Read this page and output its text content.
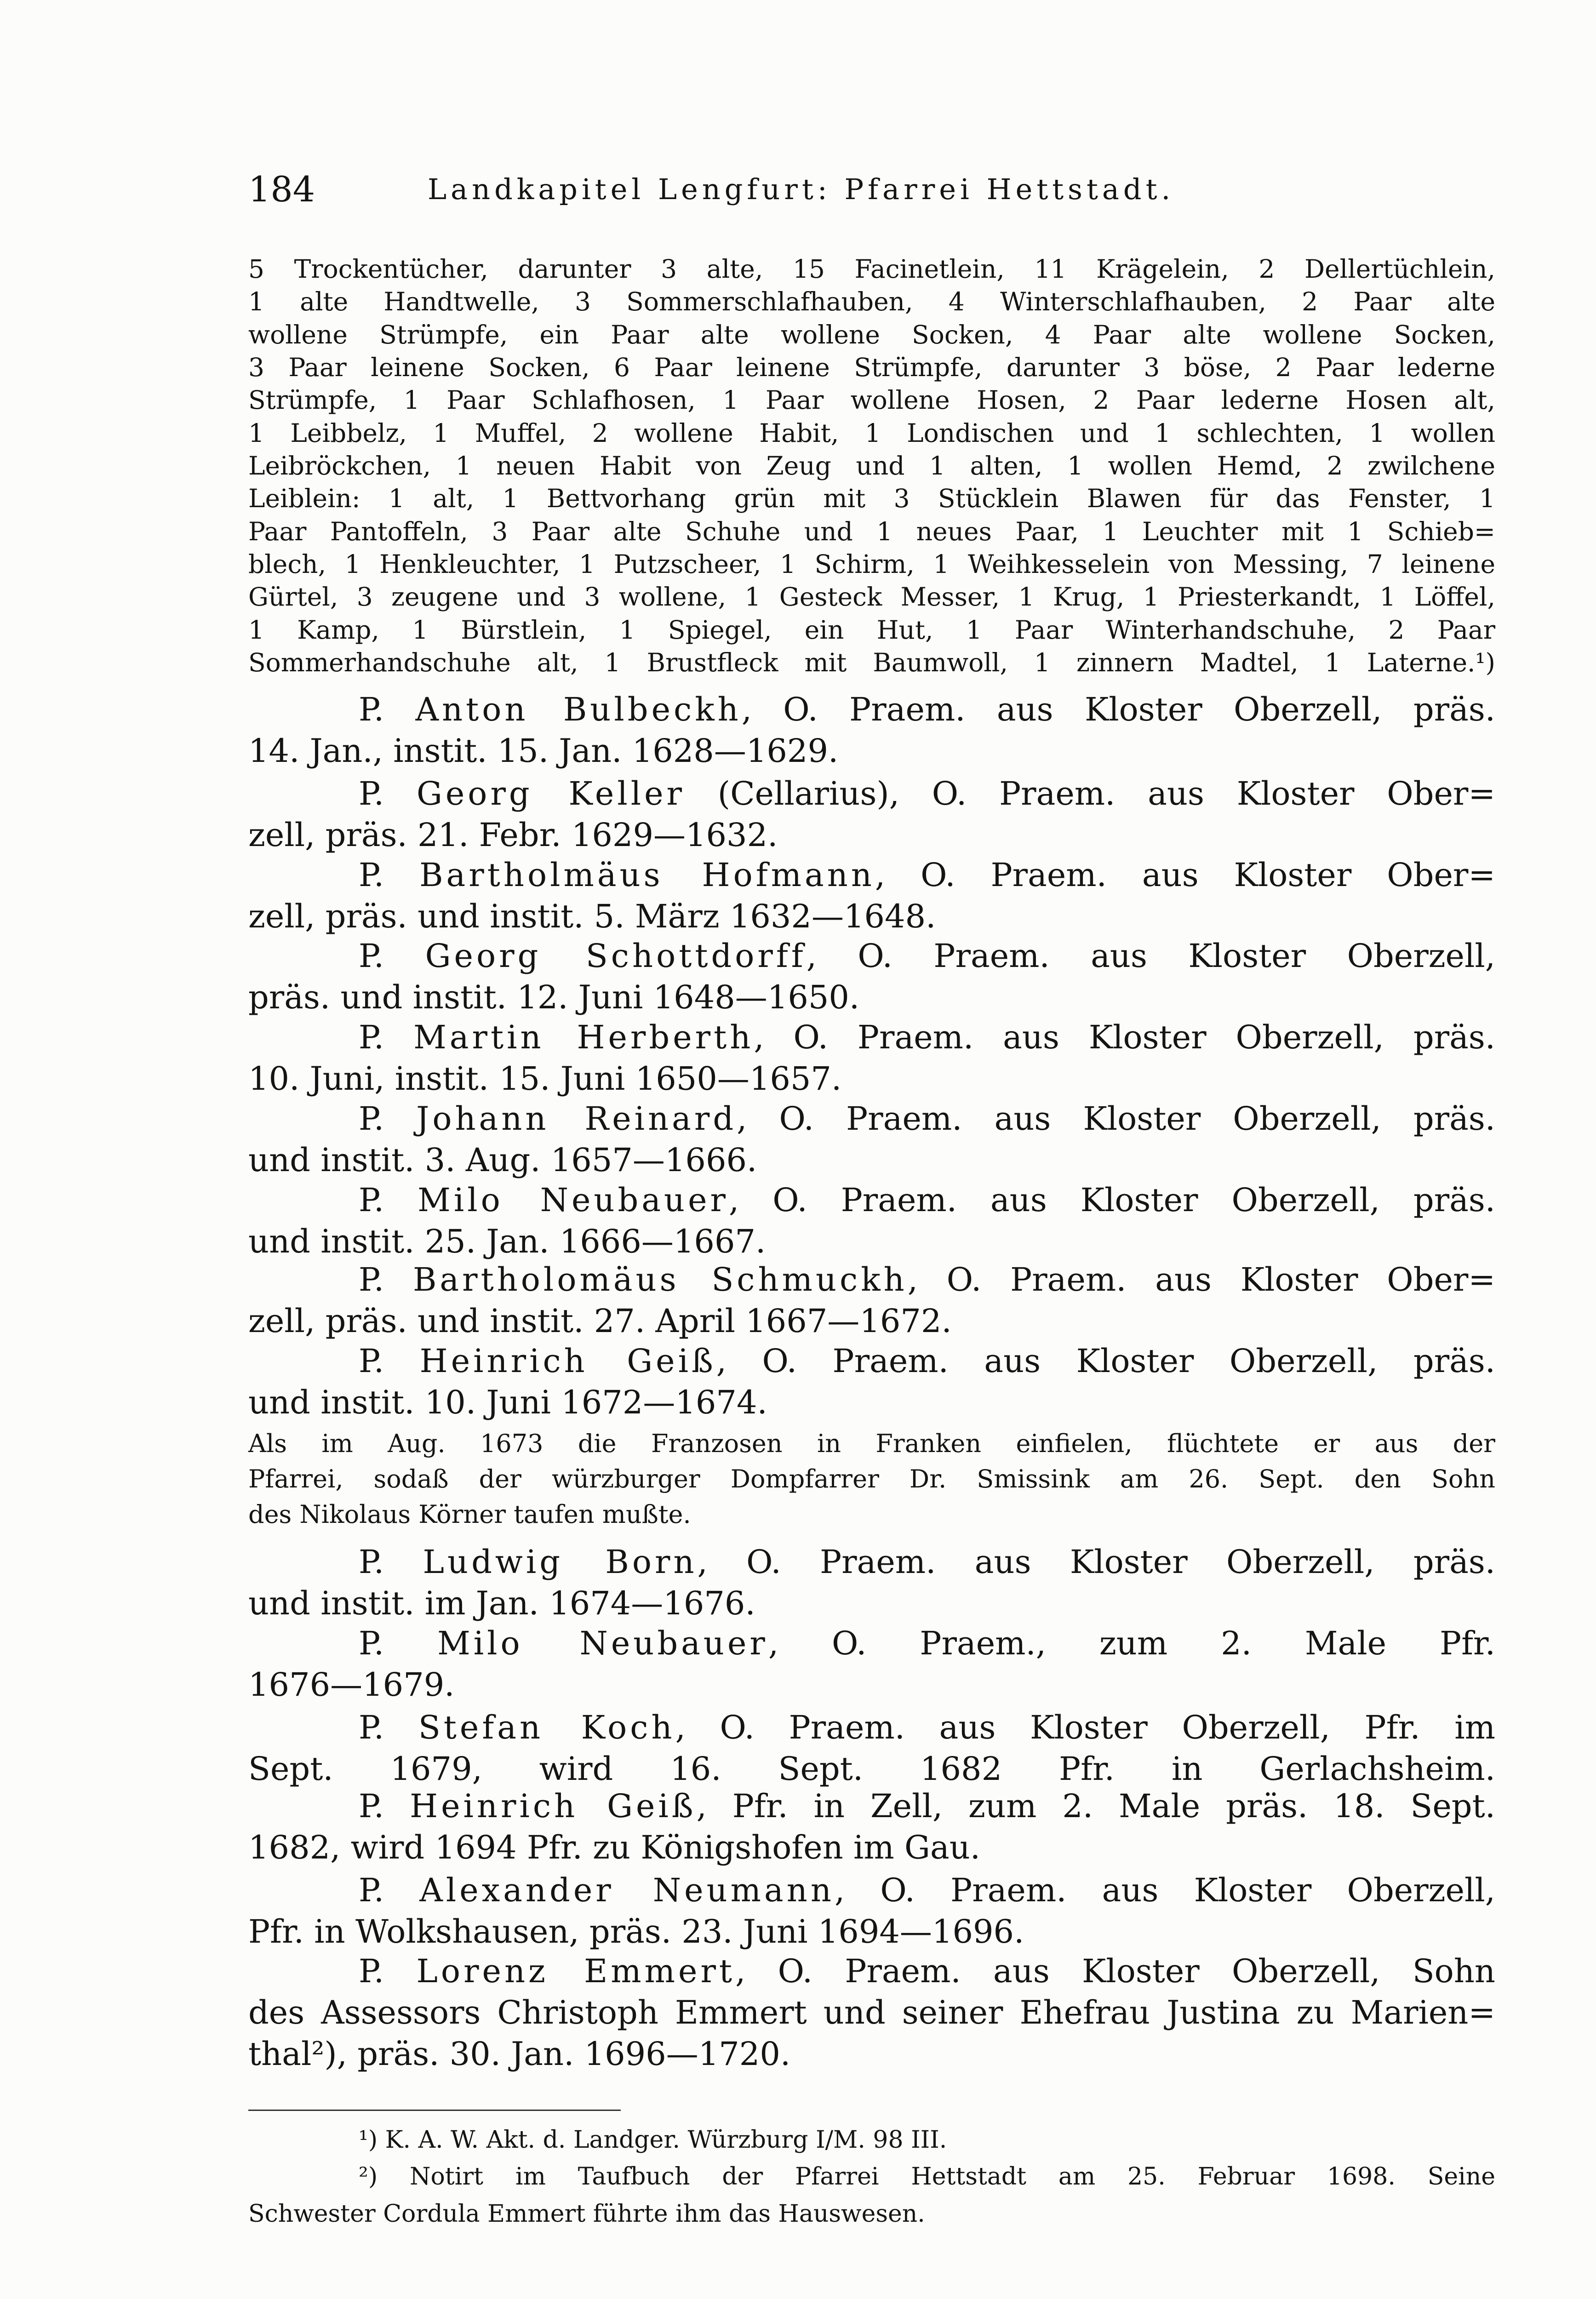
184	Landkapitel Lengfurt: Pfarrei Hettstadt.
5 Trockentücher, darunter 3 alte, 15 Facinetlein, 11 Krägelein, 2 Dellertüchlein,
1 alte Handtwelle, 3 Sommerschlafhauben, 4 Winterschlafhauben, 2 Paar alte
wollene Strümpfe, ein Paar alte wollene Socken, 4 Paar alte wollene Socken,
3 Paar leinene Socken, 6 Paar leinene Strümpfe, darunter 3 böse, 2 Paar lederne
Strümpfe, 1 Paar Schlafhosen, 1 Paar wollene Hosen, 2 Paar lederne Hosen alt,
1 Leibbelz, 1 Muffel, 2 wollene Habit, 1 Londischen und 1 schlechten, 1 wollen
Leibröckchen, 1 neuen Habit von Zeug und 1 alten, 1 wollen Hemd, 2 zwilchene
Leiblein: 1 alt, 1 Bettvorhang grün mit 3 Stücklein Blawen für das Fenster, 1
Paar Pantoffeln, 3 Paar alte Schuhe und 1 neues Paar, 1 Leuchter mit 1 Schieb=
blech, 1 Henkleuchter, 1 Putzscheer, 1 Schirm, 1 Weihkesselein von Messing, 7 leinene
Gürtel, 3 zeugene und 3 wollene, 1 Gesteck Messer, 1 Krug, 1 Priesterkandt, 1 Löffel,
1 Kamp, 1 Bürstlein, 1 Spiegel, ein Hut, 1 Paar Winterhandschuhe, 2 Paar
Sommerhandschuhe alt, 1 Brustfleck mit Baumwoll, 1 zinnern Madtel, 1 Laterne.¹)
P. Anton Bulbeckh, O. Praem. aus Kloster Oberzell, präs.
14. Jan., instit. 15. Jan. 1628—1629.
P. Georg Keller (Cellarius), O. Praem. aus Kloster Ober=
zell, präs. 21. Febr. 1629—1632.
P. Bartholmäus Hofmann, O. Praem. aus Kloster Ober=
zell, präs. und instit. 5. März 1632—1648.
P. Georg Schottdorff, O. Praem. aus Kloster Oberzell,
präs. und instit. 12. Juni 1648—1650.
P. Martin Herberth, O. Praem. aus Kloster Oberzell, präs.
10. Juni, instit. 15. Juni 1650—1657.
P. Johann Reinard, O. Praem. aus Kloster Oberzell, präs.
und instit. 3. Aug. 1657—1666.
P. Milo Neubauer, O. Praem. aus Kloster Oberzell, präs.
und instit. 25. Jan. 1666—1667.
P. Bartholomäus Schmuckh, O. Praem. aus Kloster Ober=
zell, präs. und instit. 27. April 1667—1672.
P. Heinrich Geiß, O. Praem. aus Kloster Oberzell, präs.
und instit. 10. Juni 1672—1674.
P. Ludwig Born, O. Praem. aus Kloster Oberzell, präs.
und instit. im Jan. 1674—1676.
P. Milo Neubauer, O. Praem., zum 2. Male Pfr.
1676—1679.
P. Stefan Koch, O. Praem. aus Kloster Oberzell, Pfr. im
Sept. 1679, wird 16. Sept. 1682 Pfr. in Gerlachsheim.
P. Heinrich Geiß, Pfr. in Zell, zum 2. Male präs. 18. Sept.
1682, wird 1694 Pfr. zu Königshofen im Gau.
P. Alexander Neumann, O. Praem. aus Kloster Oberzell,
Pfr. in Wolkshausen, präs. 23. Juni 1694—1696.
P. Lorenz Emmert, O. Praem. aus Kloster Oberzell, Sohn
des Assessors Christoph Emmert und seiner Ehefrau Justina zu Marien=
thal²), präs. 30. Jan. 1696—1720.
Als im Aug. 1673 die Franzosen in Franken einfielen, flüchtete er aus der
Pfarrei, sodaß der würzburger Dompfarrer Dr. Smissink am 26. Sept. den Sohn
des Nikolaus Körner taufen mußte.
¹) K. A. W. Akt. d. Landger. Würzburg I/M. 98 III.
²) Notirt im Taufbuch der Pfarrei Hettstadt am 25. Februar 1698. Seine
Schwester Cordula Emmert führte ihm das Hauswesen.
